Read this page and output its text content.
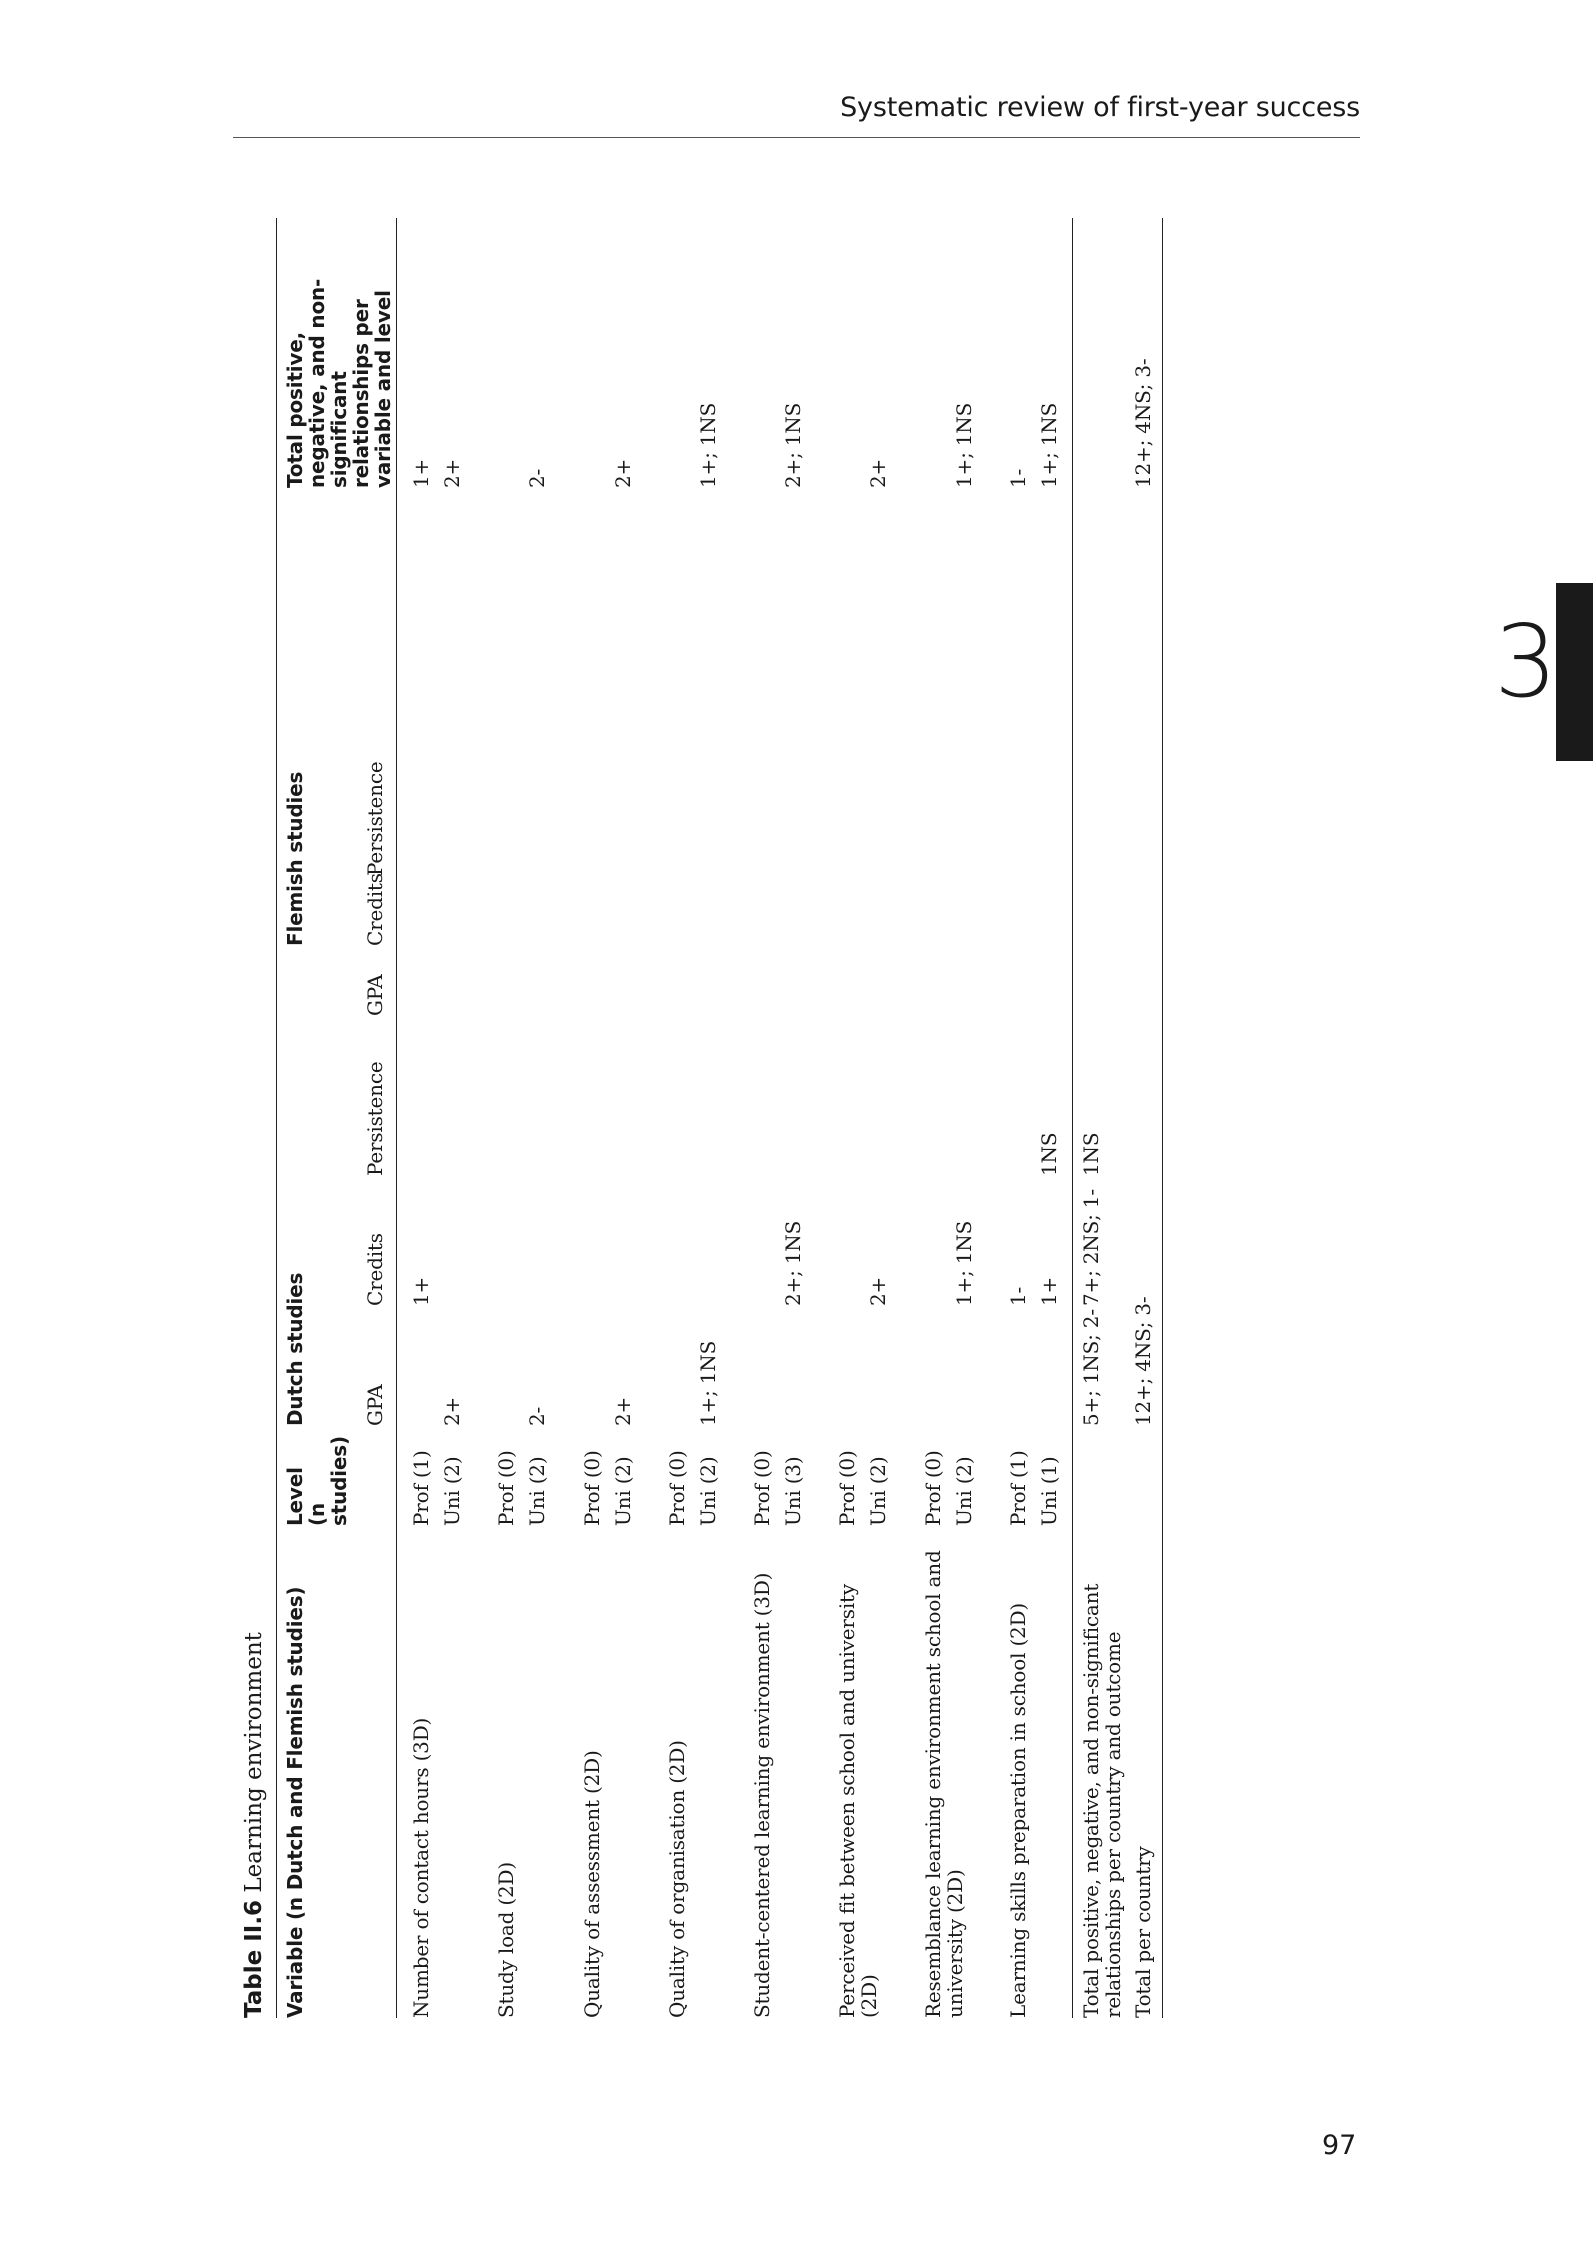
Systematic review of first-year success
3
97
Table II.6 Learning environment Variable (n Dutch and Flemish studies)
Level (n studies)
Dutch studies
Flemish studies
Total positive, negative, and non-significant relationships per variable and level
GPA
Credits
Persistence
GPA
Credits
Persistence
Number of contact hours (3D)
Prof (1)
1+
1+
Uni (2)
2+
2+
Study load (2D)
Prof (0) Uni (2)
2-
2-
Quality of assessment (2D)
Prof (0) Uni (2)
2+
2+
Quality of organisation (2D)
Prof (0) Uni (2)
1+; 1NS
1+; 1NS
Student-centered learning environment (3D)
Prof (0) Uni (3)
2+; 1NS
2+; 1NS
Perceived fit between school and university (2D)
Prof (0) Uni (2)
2+
2+
Resemblance learning environment school and university (2D)
Prof (0) Uni (2)
1+; 1NS
1+; 1NS
Learning skills preparation in school (2D)
Prof (1)
1-
1-
Uni (1)
1+
1NS
1+; 1NS
Total positive, negative, and non-significant relationships per country and outcome
5+; 1NS; 2-
7+; 2NS; 1-
1NS
Total per country
12+; 4NS; 3-
12+; 4NS; 3-
